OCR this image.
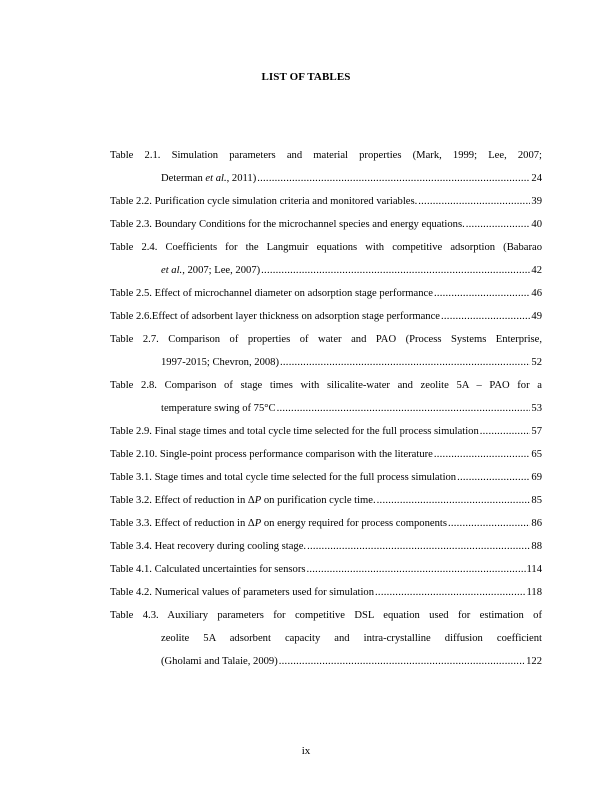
LIST OF TABLES
Table 2.1. Simulation parameters and material properties (Mark, 1999; Lee, 2007;
Determan et al., 2011) . . .	24
Table 2.2. Purification cycle simulation criteria and monitored variables. . . .	39
Table 2.3. Boundary Conditions for the microchannel species and energy equations. . . .	40
Table 2.4. Coefficients for the Langmuir equations with competitive adsorption (Babarao
et al., 2007; Lee, 2007) . . .	42
Table 2.5. Effect of microchannel diameter on adsorption stage performance . . .	46
Table 2.6.Effect of adsorbent layer thickness on adsorption stage performance . . .	49
Table 2.7. Comparison of properties of water and PAO (Process Systems Enterprise,
1997-2015; Chevron, 2008) . . .	52
Table 2.8. Comparison of stage times with silicalite-water and zeolite 5A – PAO for a
temperature swing of 75°C . . .	53
Table 2.9. Final stage times and total cycle time selected for the full process simulation . . .	57
Table 2.10. Single-point process performance comparison with the literature . . .	65
Table 3.1. Stage times and total cycle time selected for the full process simulation . . .	69
Table 3.2. Effect of reduction in ΔP on purification cycle time. . . .	85
Table 3.3. Effect of reduction in ΔP on energy required for process components . . .	86
Table 3.4. Heat recovery during cooling stage. . . .	88
Table 4.1. Calculated uncertainties for sensors . . .	114
Table 4.2. Numerical values of parameters used for simulation . . .	118
Table 4.3. Auxiliary parameters for competitive DSL equation used for estimation of
zeolite 5A adsorbent capacity and intra-crystalline diffusion coefficient
(Gholami and Talaie, 2009) . . .	122
ix
